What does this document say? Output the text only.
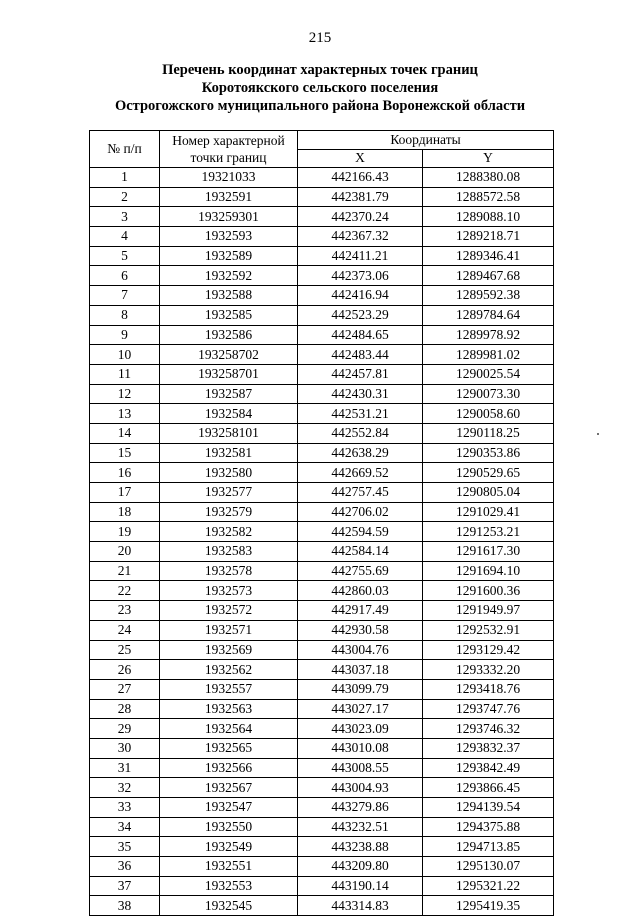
215
Перечень координат характерных точек границ
Коротоякского сельского поселения
Острогожского муниципального района Воронежской области
№ п/п	Номер характерной
точки границ	Координаты	
		X	Y
1	19321033	442166.43	1288380.08
2	1932591	442381.79	1288572.58
3	193259301	442370.24	1289088.10
4	1932593	442367.32	1289218.71
5	1932589	442411.21	1289346.41
6	1932592	442373.06	1289467.68
7	1932588	442416.94	1289592.38
8	1932585	442523.29	1289784.64
9	1932586	442484.65	1289978.92
10	193258702	442483.44	1289981.02
11	193258701	442457.81	1290025.54
12	1932587	442430.31	1290073.30
13	1932584	442531.21	1290058.60
14	193258101	442552.84	1290118.25
15	1932581	442638.29	1290353.86
16	1932580	442669.52	1290529.65
17	1932577	442757.45	1290805.04
18	1932579	442706.02	1291029.41
19	1932582	442594.59	1291253.21
20	1932583	442584.14	1291617.30
21	1932578	442755.69	1291694.10
22	1932573	442860.03	1291600.36
23	1932572	442917.49	1291949.97
24	1932571	442930.58	1292532.91
25	1932569	443004.76	1293129.42
26	1932562	443037.18	1293332.20
27	1932557	443099.79	1293418.76
28	1932563	443027.17	1293747.76
29	1932564	443023.09	1293746.32
30	1932565	443010.08	1293832.37
31	1932566	443008.55	1293842.49
32	1932567	443004.93	1293866.45
33	1932547	443279.86	1294139.54
34	1932550	443232.51	1294375.88
35	1932549	443238.88	1294713.85
36	1932551	443209.80	1295130.07
37	1932553	443190.14	1295321.22
38	1932545	443314.83	1295419.35
